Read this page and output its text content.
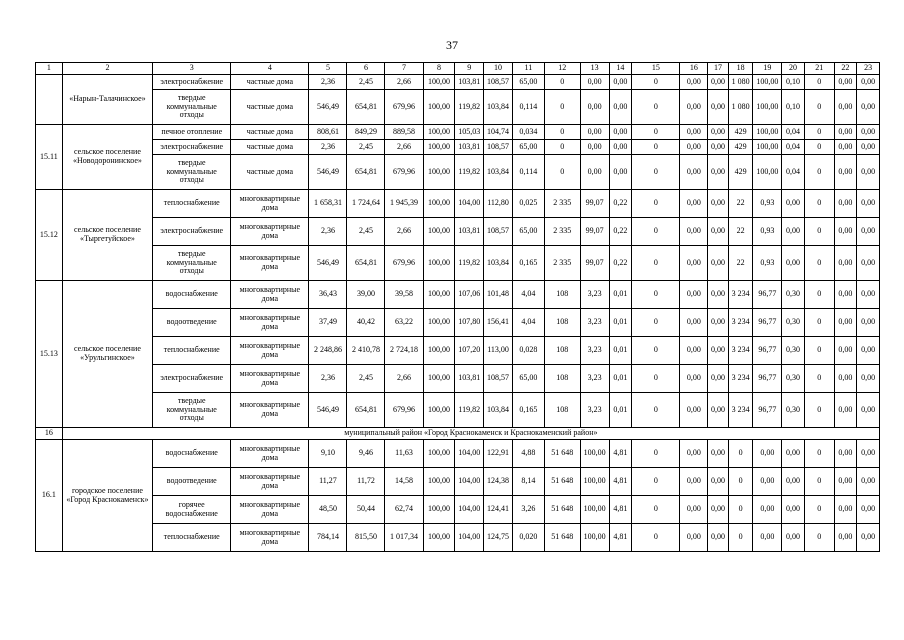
37
1	2	3	4	5	6	7	8	9	10	11	12	13	14	15	16	17	18	19	20	21	22	23
	«Нарын-Талачинское»	электроснабжение	частные дома	2,36	2,45	2,66	100,00	103,81	108,57	65,00	0	0,00	0,00	0	0,00	0,00	1 080	100,00	0,10	0	0,00	0,00
		твердые коммунальные отходы	частные дома	546,49	654,81	679,96	100,00	119,82	103,84	0,114	0	0,00	0,00	0	0,00	0,00	1 080	100,00	0,10	0	0,00	0,00
15.11	сельское поселение «Новодоронинское»	печное отопление	частные дома	808,61	849,29	889,58	100,00	105,03	104,74	0,034	0	0,00	0,00	0	0,00	0,00	429	100,00	0,04	0	0,00	0,00
		электроснабжение	частные дома	2,36	2,45	2,66	100,00	103,81	108,57	65,00	0	0,00	0,00	0	0,00	0,00	429	100,00	0,04	0	0,00	0,00
		твердые коммунальные отходы	частные дома	546,49	654,81	679,96	100,00	119,82	103,84	0,114	0	0,00	0,00	0	0,00	0,00	429	100,00	0,04	0	0,00	0,00
15.12	сельское поселение «Тыргетуйское»	теплоснабжение	многоквартирные дома	1 658,31	1 724,64	1 945,39	100,00	104,00	112,80	0,025	2 335	99,07	0,22	0	0,00	0,00	22	0,93	0,00	0	0,00	0,00
		электроснабжение	многоквартирные дома	2,36	2,45	2,66	100,00	103,81	108,57	65,00	2 335	99,07	0,22	0	0,00	0,00	22	0,93	0,00	0	0,00	0,00
		твердые коммунальные отходы	многоквартирные дома	546,49	654,81	679,96	100,00	119,82	103,84	0,165	2 335	99,07	0,22	0	0,00	0,00	22	0,93	0,00	0	0,00	0,00
15.13	сельское поселение «Урульгинское»	водоснабжение	многоквартирные дома	36,43	39,00	39,58	100,00	107,06	101,48	4,04	108	3,23	0,01	0	0,00	0,00	3 234	96,77	0,30	0	0,00	0,00
		водоотведение	многоквартирные дома	37,49	40,42	63,22	100,00	107,80	156,41	4,04	108	3,23	0,01	0	0,00	0,00	3 234	96,77	0,30	0	0,00	0,00
		теплоснабжение	многоквартирные дома	2 248,86	2 410,78	2 724,18	100,00	107,20	113,00	0,028	108	3,23	0,01	0	0,00	0,00	3 234	96,77	0,30	0	0,00	0,00
		электроснабжение	многоквартирные дома	2,36	2,45	2,66	100,00	103,81	108,57	65,00	108	3,23	0,01	0	0,00	0,00	3 234	96,77	0,30	0	0,00	0,00
		твердые коммунальные отходы	многоквартирные дома	546,49	654,81	679,96	100,00	119,82	103,84	0,165	108	3,23	0,01	0	0,00	0,00	3 234	96,77	0,30	0	0,00	0,00
16	муниципальный район «Город Краснокаменск и Краснокаменский район»																					
16.1	городское поселение «Город Краснокаменск»	водоснабжение	многоквартирные дома	9,10	9,46	11,63	100,00	104,00	122,91	4,88	51 648	100,00	4,81	0	0,00	0,00	0	0,00	0,00	0	0,00	0,00
		водоотведение	многоквартирные дома	11,27	11,72	14,58	100,00	104,00	124,38	8,14	51 648	100,00	4,81	0	0,00	0,00	0	0,00	0,00	0	0,00	0,00
		горячее водоснабжение	многоквартирные дома	48,50	50,44	62,74	100,00	104,00	124,41	3,26	51 648	100,00	4,81	0	0,00	0,00	0	0,00	0,00	0	0,00	0,00
		теплоснабжение	многоквартирные дома	784,14	815,50	1 017,34	100,00	104,00	124,75	0,020	51 648	100,00	4,81	0	0,00	0,00	0	0,00	0,00	0	0,00	0,00
